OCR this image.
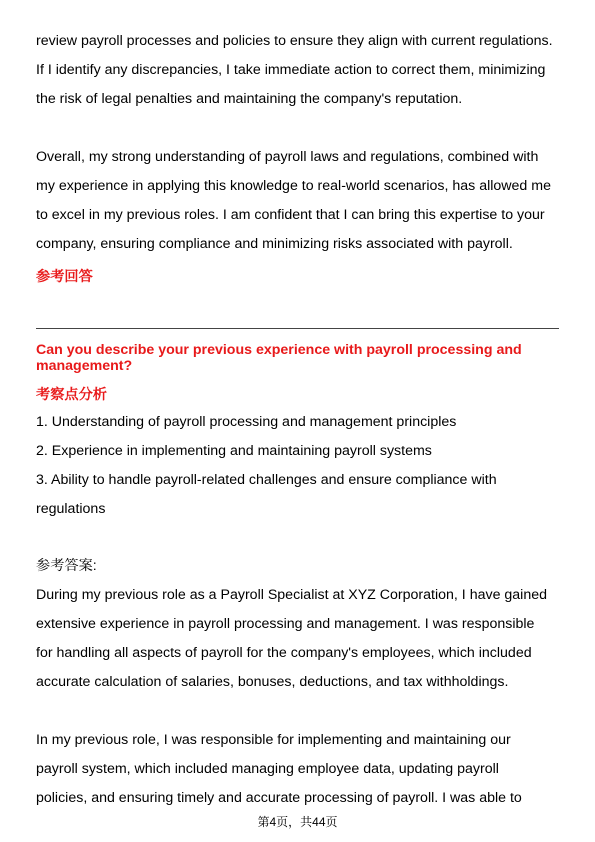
review payroll processes and policies to ensure they align with current regulations.
If I identify any discrepancies, I take immediate action to correct them, minimizing
the risk of legal penalties and maintaining the company's reputation.
Overall, my strong understanding of payroll laws and regulations, combined with
my experience in applying this knowledge to real-world scenarios, has allowed me
to excel in my previous roles. I am confident that I can bring this expertise to your
company, ensuring compliance and minimizing risks associated with payroll.
参考回答
Can you describe your previous experience with payroll processing and
management?
考察点分析
1. Understanding of payroll processing and management principles
2. Experience in implementing and maintaining payroll systems
3. Ability to handle payroll-related challenges and ensure compliance with
regulations
参考答案:
During my previous role as a Payroll Specialist at XYZ Corporation, I have gained
extensive experience in payroll processing and management. I was responsible
for handling all aspects of payroll for the company's employees, which included
accurate calculation of salaries, bonuses, deductions, and tax withholdings.
In my previous role, I was responsible for implementing and maintaining our
payroll system, which included managing employee data, updating payroll
policies, and ensuring timely and accurate processing of payroll. I was able to
第4页，共44页
